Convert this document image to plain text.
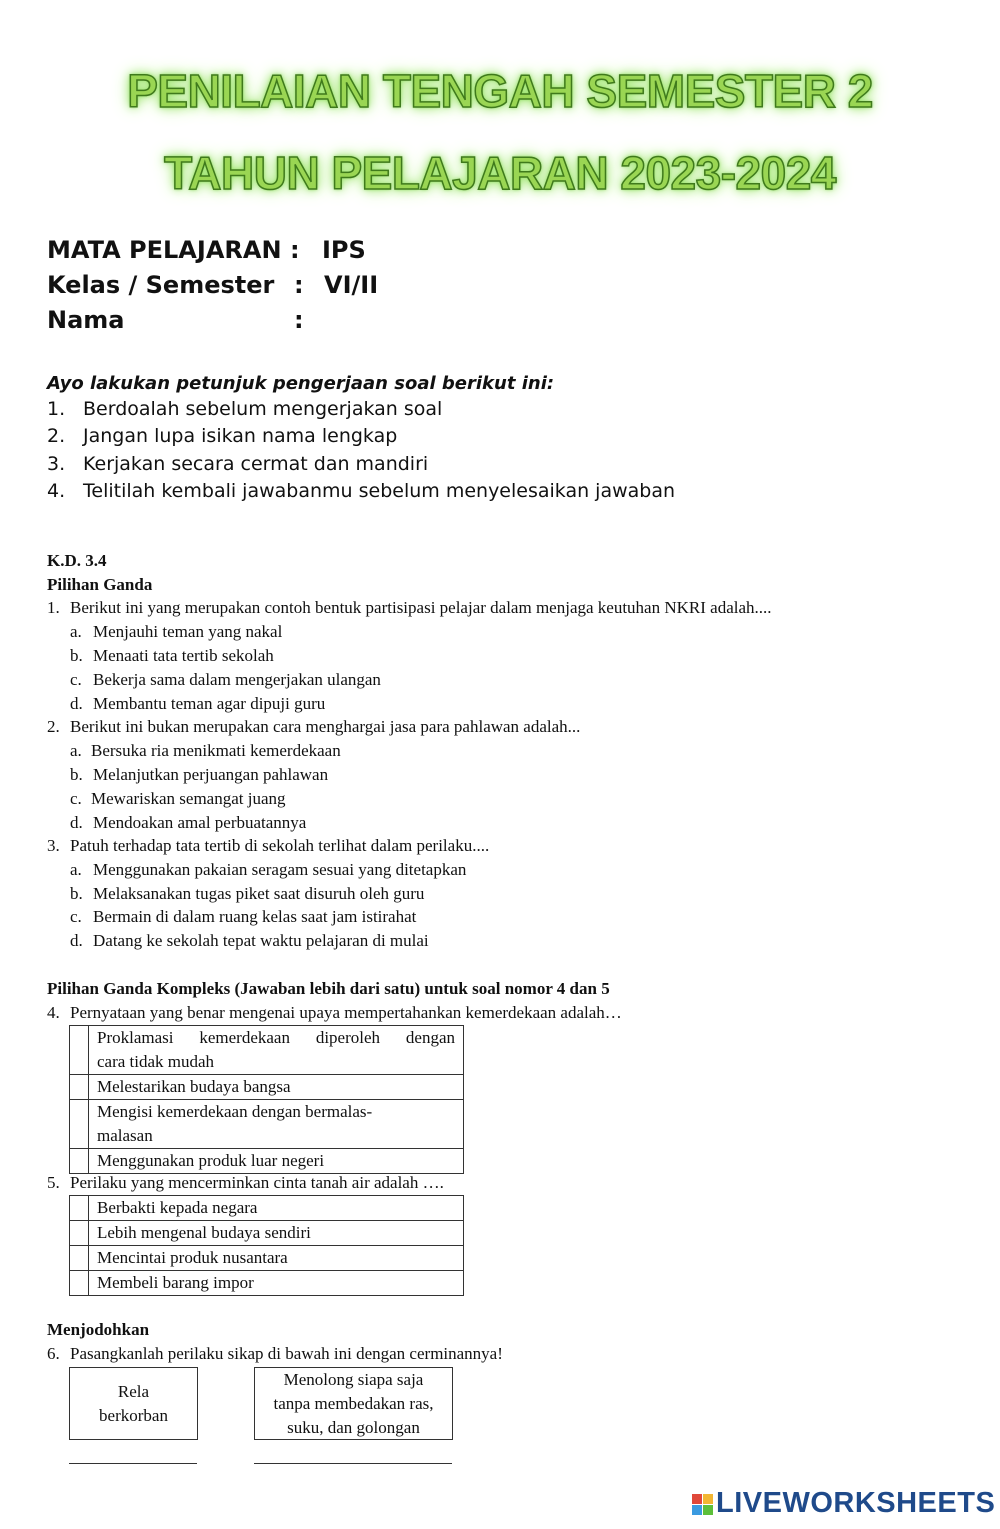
PENILAIAN TENGAH SEMESTER 2
TAHUN PELAJARAN 2023-2024
MATA PELAJARAN : IPS
Kelas / Semester : VI/II
Nama	:
Ayo lakukan petunjuk pengerjaan soal berikut ini:
1. Berdoalah sebelum mengerjakan soal
2. Jangan lupa isikan nama lengkap
3. Kerjakan secara cermat dan mandiri
4. Telitilah kembali jawabanmu sebelum menyelesaikan jawaban
K.D. 3.4
Pilihan Ganda
1. Berikut ini yang merupakan contoh bentuk partisipasi pelajar dalam menjaga keutuhan NKRI adalah....
a. Menjauhi teman yang nakal
b. Menaati tata tertib sekolah
c. Bekerja sama dalam mengerjakan ulangan
d. Membantu teman agar dipuji guru
2. Berikut ini bukan merupakan cara menghargai jasa para pahlawan adalah...
a. Bersuka ria menikmati kemerdekaan
b. Melanjutkan perjuangan pahlawan
c. Mewariskan semangat juang
d. Mendoakan amal perbuatannya
3. Patuh terhadap tata tertib di sekolah terlihat dalam perilaku....
a. Menggunakan pakaian seragam sesuai yang ditetapkan
b. Melaksanakan tugas piket saat disuruh oleh guru
c. Bermain di dalam ruang kelas saat jam istirahat
d. Datang ke sekolah tepat waktu pelajaran di mulai
Pilihan Ganda Kompleks (Jawaban lebih dari satu) untuk soal nomor 4 dan 5
4. Pernyataan yang benar mengenai upaya mempertahankan kemerdekaan adalah…

	Proklamasi kemerdekaan diperoleh dengan
cara tidak mudah

	Melestarikan budaya bangsa

	Mengisi kemerdekaan dengan bermalas-
malasan

	Menggunakan produk luar negeri
5. Perilaku yang mencerminkan cinta tanah air adalah ….

	Berbakti kepada negara

	Lebih mengenal budaya sendiri

	Mencintai produk nusantara

	Membeli barang impor
Menjodohkan
6. Pasangkanlah perilaku sikap di bawah ini dengan cerminannya!
Rela
berkorban
Menolong siapa saja
tanpa membedakan ras,
suku, dan golongan
LIVEWORKSHEETS
